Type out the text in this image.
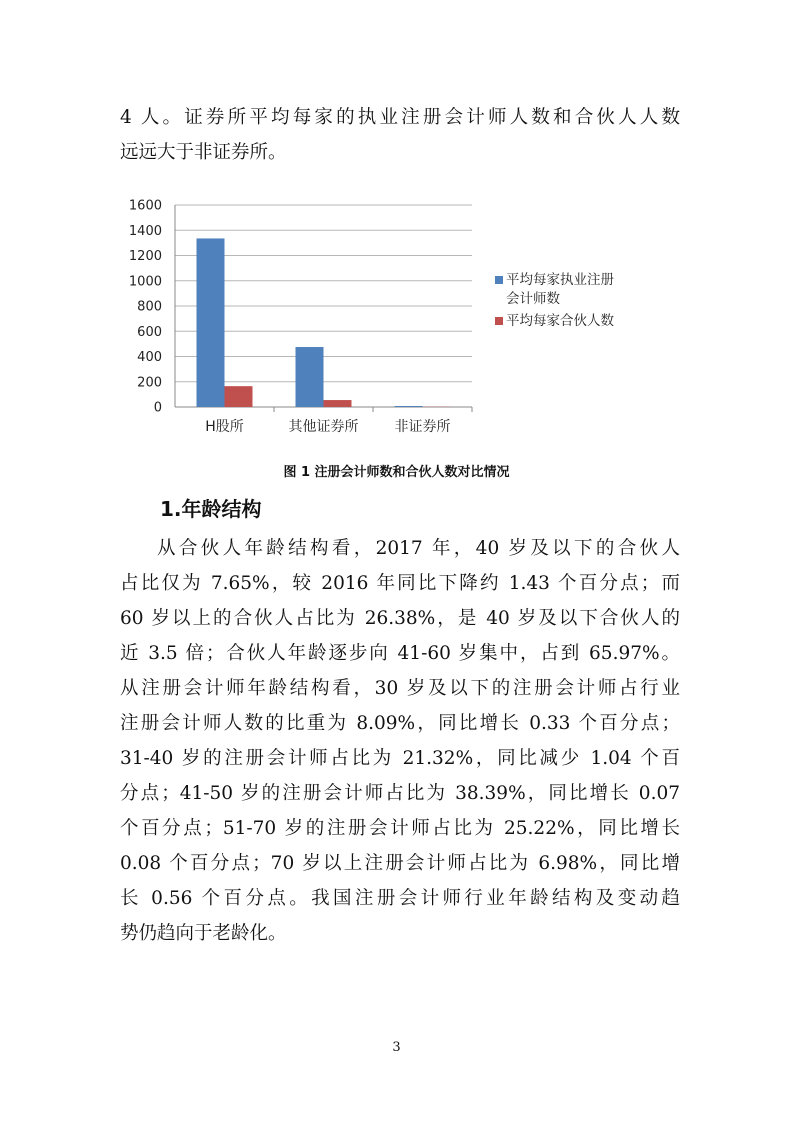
4 人。证券所平均每家的执业注册会计师人数和合伙人人数
远远大于非证券所。
0
200
400
600
800
1000
1200
1400
1600
H股所	其他证券所	非证券所
平均每家执业注册
会计师数
平均每家合伙人数
图 1 注册会计师数和合伙人数对比情况
1.年龄结构
从合伙人年龄结构看，2017 年，40 岁及以下的合伙人
占比仅为 7.65%，较 2016 年同比下降约 1.43 个百分点；而
60 岁以上的合伙人占比为 26.38%，是 40 岁及以下合伙人的
近 3.5 倍；合伙人年龄逐步向 41-60 岁集中，占到 65.97%。
从注册会计师年龄结构看，30 岁及以下的注册会计师占行业
注册会计师人数的比重为 8.09%，同比增长 0.33 个百分点；
31-40 岁的注册会计师占比为 21.32%，同比减少 1.04 个百
分点；41-50 岁的注册会计师占比为 38.39%，同比增长 0.07
个百分点；51-70 岁的注册会计师占比为 25.22%，同比增长
0.08 个百分点；70 岁以上注册会计师占比为 6.98%，同比增
长 0.56 个百分点。我国注册会计师行业年龄结构及变动趋
势仍趋向于老龄化。
3
